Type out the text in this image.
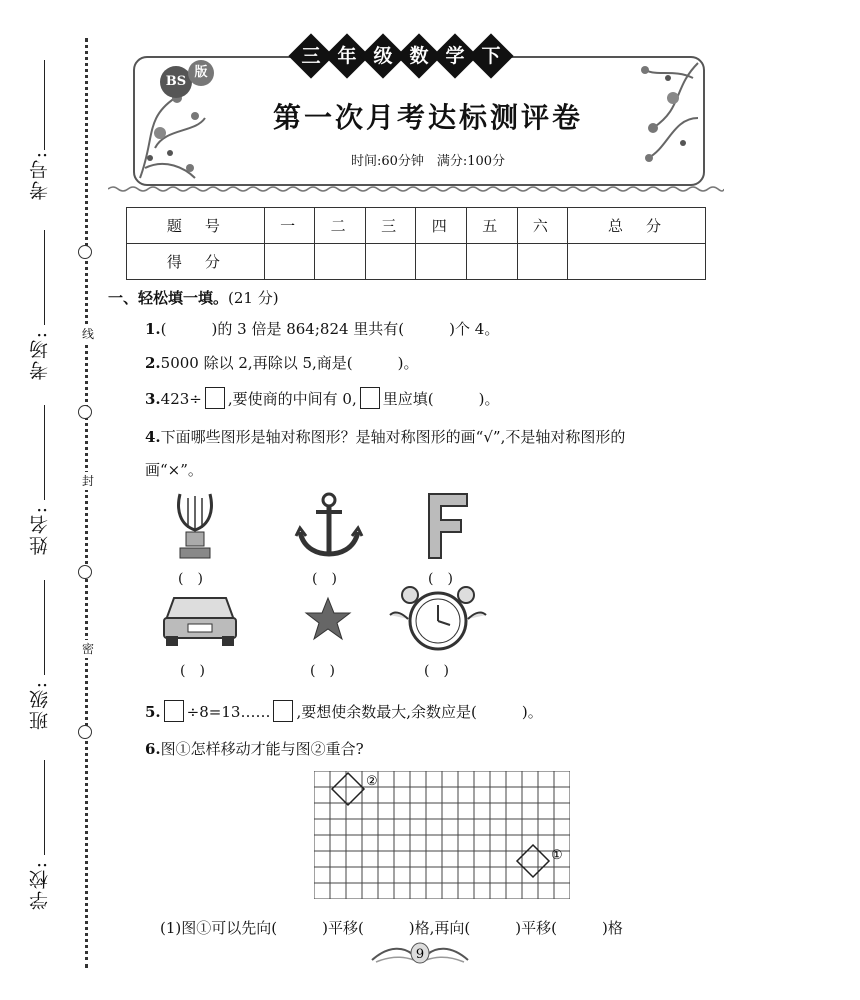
考号:
考场:
姓名:
班级:
学校:
线
封
密
三 年 级 数 学 下
BS
版
第一次月考达标测评卷
时间:60分钟　满分:100分
题　号	一	二	三	四	五	六	总　分
得　分							
一、轻松填一填。(21 分)
1.(　　　)的 3 倍是 864;824 里共有(　　　)个 4。
2.5000 除以 2,再除以 5,商是(　　　)。
3.423÷ ,要使商的中间有 0, 里应填(　　　)。
4.下面哪些图形是轴对称图形？是轴对称图形的画“√”,不是轴对称图形的
画“×”。
(　)	(　)	(　)
(　)	(　)	(　)
5. ÷8=13…… ,要想使余数最大,余数应是(　　　)。
6.图①怎样移动才能与图②重合?
②
①
(1)图①可以先向(　　　)平移(　　　)格,再向(　　　)平移(　　　)格
9
